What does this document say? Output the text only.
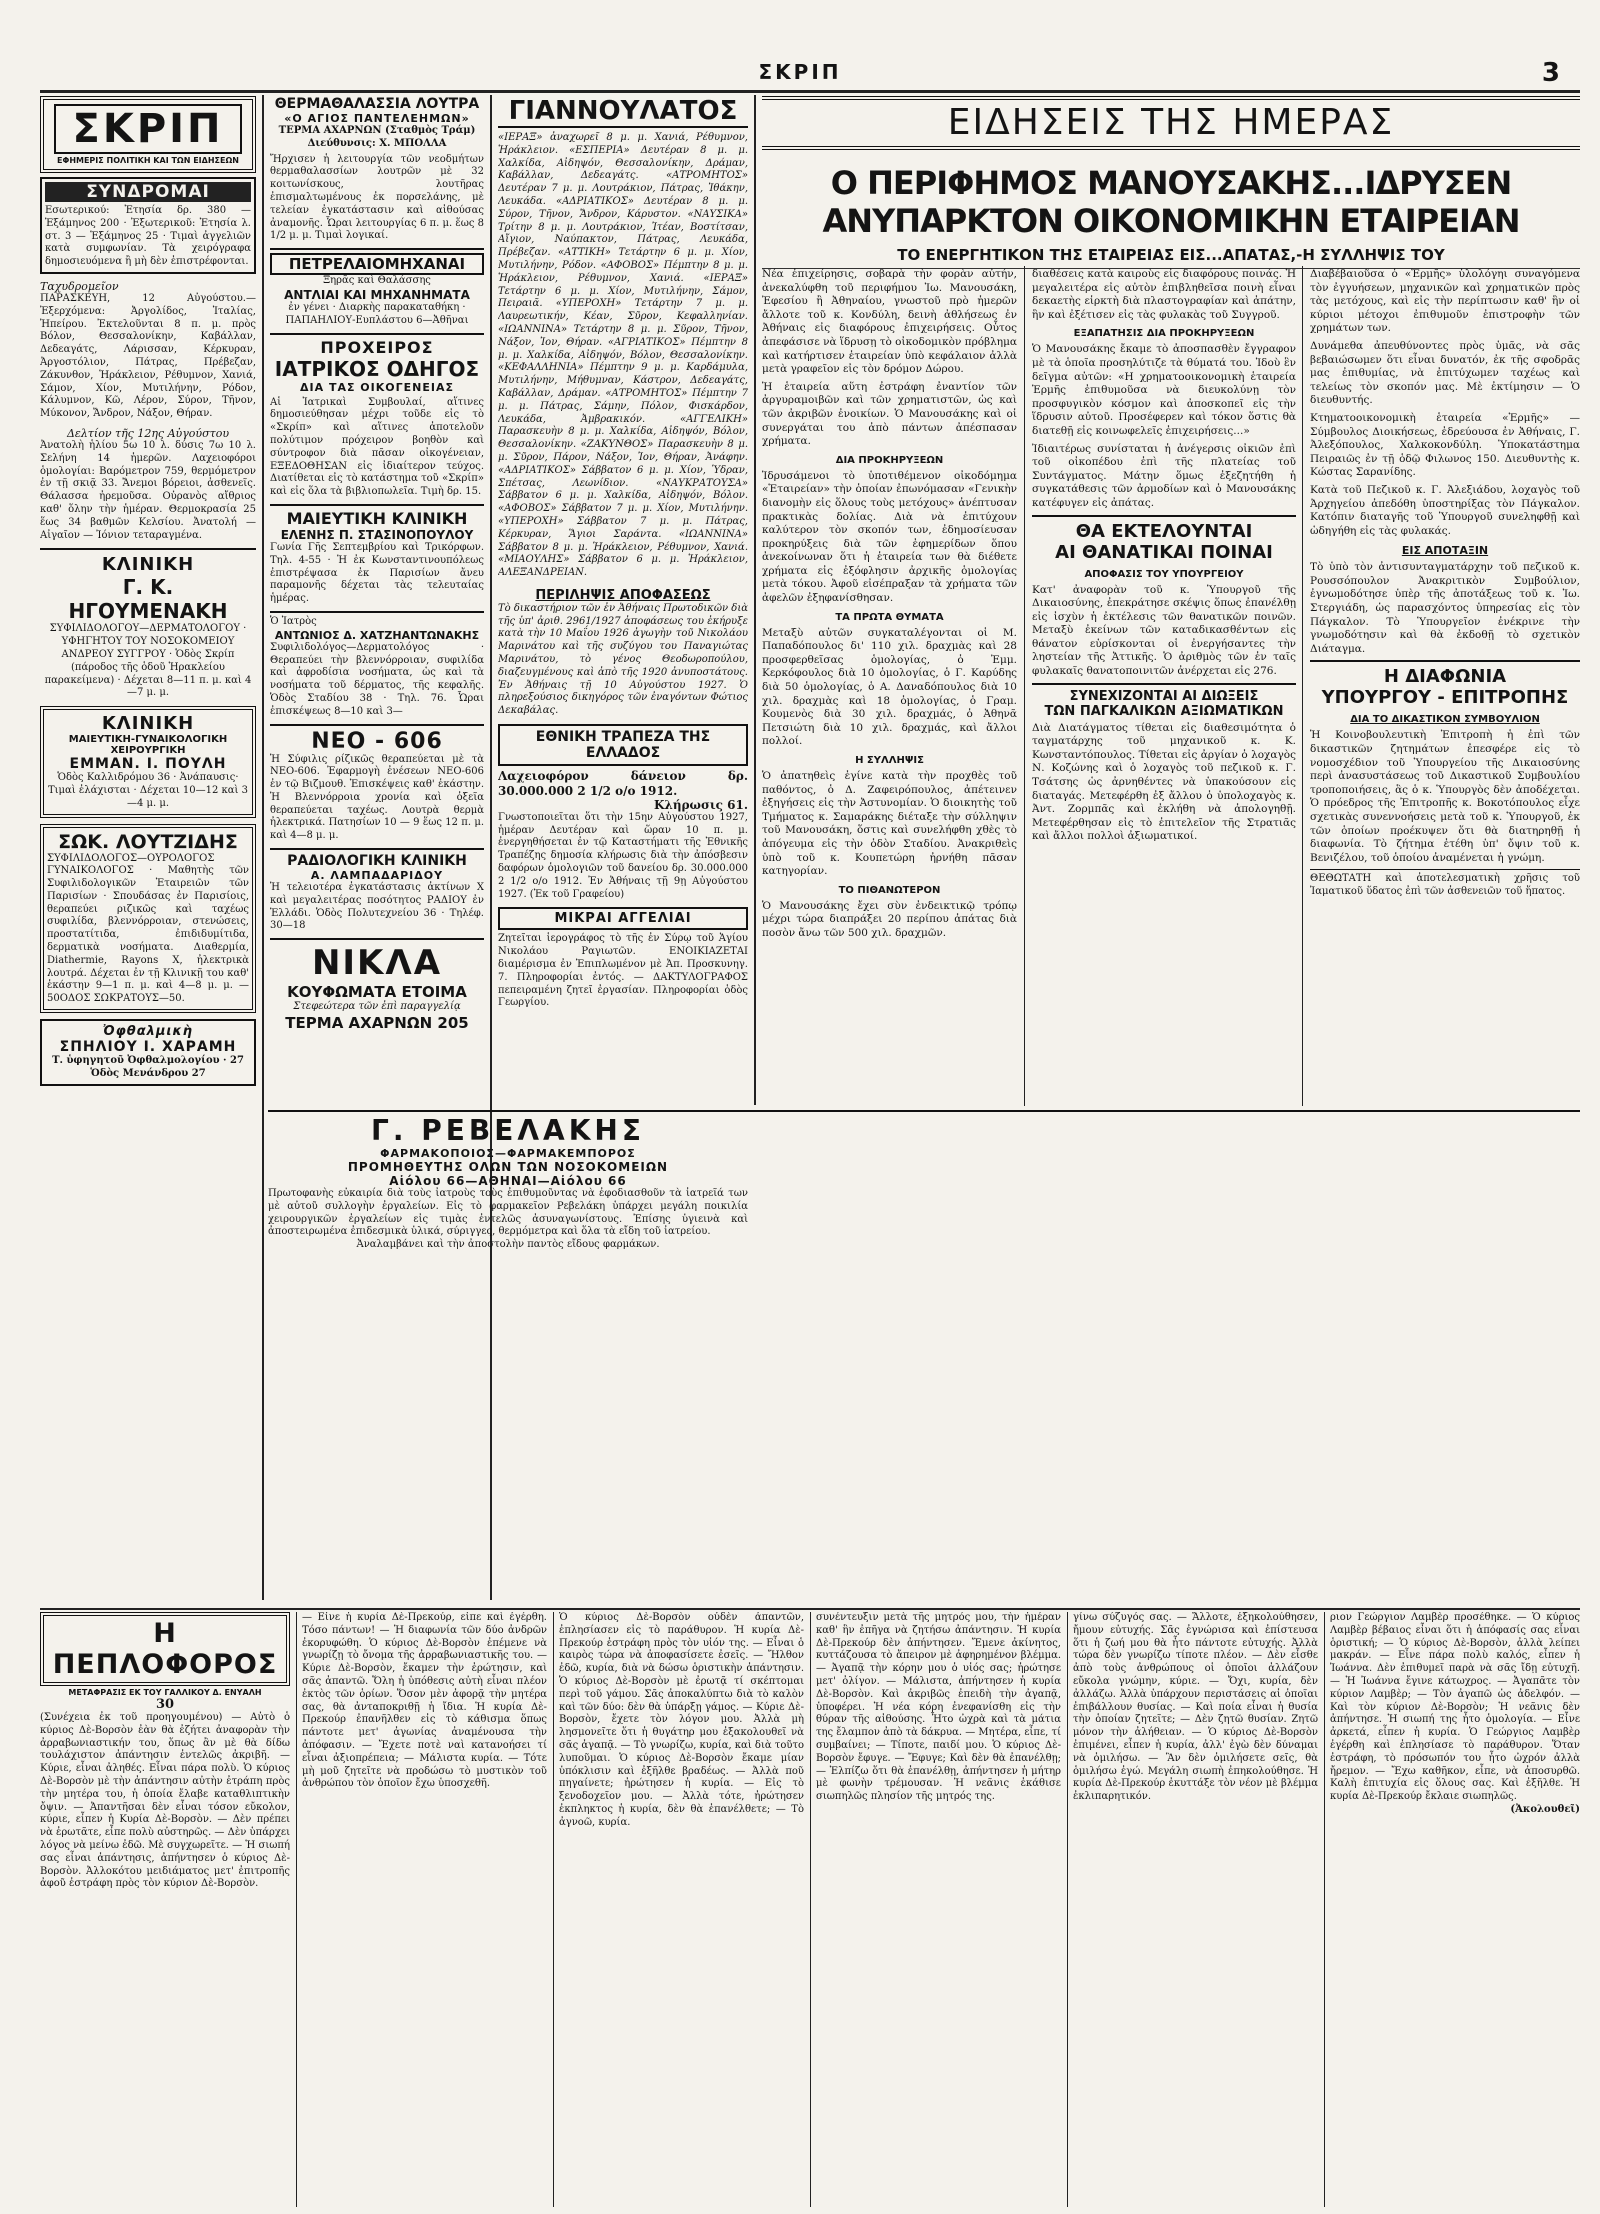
ΣΚΡΙΠ	3
ΣΚΡΙΠ
ΕΦΗΜΕΡΙΣ ΠΟΛΙΤΙΚΗ ΚΑΙ ΤΩΝ ΕΙΔΗΣΕΩΝ
ΣΥΝΔΡΟΜΑΙ
Εσωτερικού: Ἐτησία δρ. 380 — Ἑξάμηνος 200 · Ἐξωτερικοῦ: Ἐτησία λ. στ. 3 — Ἑξάμηνος 25 · Τιμαὶ ἀγγελιῶν κατὰ συμφωνίαν. Τὰ χειρόγραφα δημοσιευόμενα ἢ μὴ δὲν ἐπιστρέφονται.
Ταχυδρομεῖον
ΠΑΡΑΣΚΕΥΗ, 12 Αὐγούστου.— Ἐξερχόμενα: Ἀργολίδος, Ἰταλίας, Ἠπείρου. Ἐκτελοῦνται 8 π. μ. πρὸς Βόλον, Θεσσαλονίκην, Καβάλλαν, Δεδεαγάτς, Λάρισσαν, Κέρκυραν, Ἀργοστόλιον, Πάτρας, Πρέβεζαν, Ζάκυνθον, Ἡράκλειον, Ρέθυμνον, Χανιά, Σάμον, Χίον, Μυτιλήνην, Ρόδον, Κάλυμνον, Κῶ, Λέρον, Σύρον, Τῆνον, Μύκονον, Ἄνδρον, Νάξον, Θήραν.
Δελτίον τῆς 12ης Αὐγούστου
Ἀνατολὴ ἡλίου 5ω 10 λ. δύσις 7ω 10 λ. Σελήνη 14 ἡμερῶν. Λαχειοφόροι ὁμολογίαι: Βαρόμετρον 759, θερμόμετρον ἐν τῇ σκιᾷ 33. Ἄνεμοι βόρειοι, ἀσθενεῖς. Θάλασσα ἠρεμοῦσα. Οὐρανὸς αἴθριος καθ' ὅλην τὴν ἡμέραν. Θερμοκρασία 25 ἕως 34 βαθμῶν Κελσίου. Ἀνατολή — Αἰγαῖον — Ἰόνιον τεταραγμένα.
ΚΛΙΝΙΚΗ
Γ. Κ. ΗΓΟΥΜΕΝΑΚΗ
ΣΥΦΙΛΙΔΟΛΟΓΟΥ—ΔΕΡΜΑΤΟΛΟΓΟΥ · ΥΦΗΓΗΤΟΥ ΤΟΥ ΝΟΣΟΚΟΜΕΙΟΥ ΑΝΔΡΕΟΥ ΣΥΓΓΡΟΥ · Ὁδὸς Σκρίπ (πάροδος τῆς ὁδοῦ Ἡρακλείου παρακείμενα) · Δέχεται 8—11 π. μ. καὶ 4—7 μ. μ.
ΚΛΙΝΙΚΗ
ΜΑΙΕΥΤΙΚΗ-ΓΥΝΑΙΚΟΛΟΓΙΚΗ ΧΕΙΡΟΥΡΓΙΚΗ
ΕΜΜΑΝ. Ι. ΠΟΥΛΗ
Ὁδὸς Καλλιδρόμου 36 · Ἀνάπαυσις· Τιμαὶ ἐλάχισται · Δέχεται 10—12 καὶ 3—4 μ. μ.
ΣΩΚ. ΛΟΥΤΖΙΔΗΣ
ΣΥΦΙΛΙΔΟΛΟΓΟΣ—ΟΥΡΟΛΟΓΟΣ ΓΥΝΑΙΚΟΛΟΓΟΣ · Μαθητὴς τῶν Συφιλιδολογικῶν Ἐταιρειῶν τῶν Παρισίων · Σπουδάσας ἐν Παρισίοις, θεραπεύει ριζικῶς καὶ ταχέως συφιλίδα, βλεννόρροιαν, στενώσεις, προστατίτιδα, ἐπιδιδυμίτιδα, δερματικὰ νοσήματα. Διαθερμία, Diathermie, Rayons X, ἠλεκτρικὰ λουτρά. Δέχεται ἐν τῇ Κλινικῇ του καθ' ἑκάστην 9—1 π. μ. καὶ 4—8 μ. μ. — 50ΟΔΟΣ ΣΩΚΡΑΤΟΥΣ—50.
Ὀφθαλμικὴ
ΣΠΗΛΙΟΥ Ι. ΧΑΡΑΜΗ
Τ. ὑφηγητοῦ Ὀφθαλμολογίου · 27 Ὁδὸς Μενάνδρου 27
ΘΕΡΜΑΘΑΛΑΣΣΙΑ ΛΟΥΤΡΑ
«Ο ΑΓΙΟΣ ΠΑΝΤΕΛΕΗΜΩΝ»
ΤΕΡΜΑ ΑΧΑΡΝΩΝ (Σταθμὸς Τράμ) Διεύθυνσις: Χ. ΜΠΟΛΛΑ
Ἤρχισεν ἡ λειτουργία τῶν νεοδμήτων θερμαθαλασσίων λουτρῶν μὲ 32 κοιτωνίσκους, λουτῆρας ἐπισμαλτωμένους ἐκ πορσελάνης, μὲ τελείαν ἐγκατάστασιν καὶ αἰθούσας ἀναμονῆς. Ὧραι λειτουργίας 6 π. μ. ἕως 8 1/2 μ. μ. Τιμαὶ λογικαί.
ΠΕΤΡΕΛΑΙΟΜΗΧΑΝΑΙ
Ξηρᾶς καὶ Θαλάσσης
ΑΝΤΛΙΑΙ ΚΑΙ ΜΗΧΑΝΗΜΑΤΑ
ἐν γένει · Διαρκὴς παρακαταθήκη · ΠΑΠΑΗΛΙΟΥ-Ευπλάστου 6—Ἀθῆναι
ΠΡΟΧΕΙΡΟΣ
ΙΑΤΡΙΚΟΣ ΟΔΗΓΟΣ
ΔΙΑ ΤΑΣ ΟΙΚΟΓΕΝΕΙΑΣ
Αἱ Ἰατρικαὶ Συμβουλαί, αἵτινες δημοσιεύθησαν μέχρι τοῦδε εἰς τὸ «Σκρίπ» καὶ αἵτινες ἀποτελοῦν πολύτιμον πρόχειρον βοηθὸν καὶ σύντροφον διὰ πᾶσαν οἰκογένειαν, ΕΞΕΔΟΘΗΣΑΝ εἰς ἰδιαίτερον τεύχος. Διατίθεται εἰς τὸ κατάστημα τοῦ «Σκρίπ» καὶ εἰς ὅλα τὰ βιβλιοπωλεῖα. Τιμὴ δρ. 15.
ΜΑΙΕΥΤΙΚΗ ΚΛΙΝΙΚΗ
ΕΛΕΝΗΣ Π. ΣΤΑΣΙΝΟΠΟΥΛΟΥ
Γωνία Γῆς Σεπτεμβρίου καὶ Τρικόρφων. Τηλ. 4-55 · Ἡ ἐκ Κωνσταντινουπόλεως ἐπιστρέψασα ἐκ Παρισίων ἄνευ παραμονῆς δέχεται τὰς τελευταίας ἡμέρας.
Ὁ Ἰατρὸς
ΑΝΤΩΝΙΟΣ Δ. ΧΑΤΖΗΑΝΤΩΝΑΚΗΣ
Συφιλιδολόγος—Δερματολόγος · Θεραπεύει τὴν βλεννόρροιαν, συφιλίδα καὶ ἀφροδίσια νοσήματα, ὡς καὶ τὰ νοσήματα τοῦ δέρματος, τῆς κεφαλῆς. Ὁδὸς Σταδίου 38 · Τηλ. 76. Ὧραι ἐπισκέψεως 8—10 καὶ 3—
ΝΕΟ - 606
Ἡ Σύφιλις ρίζικῶς θεραπεύεται μὲ τὰ ΝΕΟ-606. Ἐφαρμογὴ ἐνέσεων ΝΕΟ-606 ἐν τῷ Βιζμουθ. Ἐπισκέψεις καθ' ἑκάστην. Ἡ Βλεννόρροια χρονία καὶ ὀξεῖα θεραπεύεται ταχέως. Λουτρὰ θερμὰ ἠλεκτρικά. Πατησίων 10 — 9 ἕως 12 π. μ. καὶ 4—8 μ. μ.
ΡΑΔΙΟΛΟΓΙΚΗ ΚΛΙΝΙΚΗ
Α. ΛΑΜΠΑΔΑΡΙΔΟΥ
Ἡ τελειοτέρα ἐγκατάστασις ἀκτίνων Χ καὶ μεγαλειτέρας ποσότητος ΡΑΔΙΟΥ ἐν Ἑλλάδι. Ὁδὸς Πολυτεχνείου 36 · Τηλέφ. 30—18
ΝΙΚΛΑ
ΚΟΥΦΩΜΑΤΑ ΕΤΟΙΜΑ
Στεφεώτερα τῶν ἐπὶ παραγγελίᾳ
ΤΕΡΜΑ ΑΧΑΡΝΩΝ 205
ΓΙΑΝΝΟΥΛΑΤΟΣ
«ΙΕΡΑΞ» ἀναχωρεῖ 8 μ. μ. Χανιά, Ρέθυμνον, Ἡράκλειον. «ΕΣΠΕΡΙΑ» Δευτέραν 8 μ. μ. Χαλκίδα, Αἰδηψόν, Θεσσαλονίκην, Δράμαν, Καβάλλαν, Δεδεαγάτς. «ΑΤΡΟΜΗΤΟΣ» Δευτέραν 7 μ. μ. Λουτράκιον, Πάτρας, Ἰθάκην, Λευκάδα. «ΑΔΡΙΑΤΙΚΟΣ» Δευτέραν 8 μ. μ. Σύρον, Τῆνον, Ἄνδρον, Κάρυστον. «ΝΑΥΣΙΚΑ» Τρίτην 8 μ. μ. Λουτράκιον, Ἰτέαν, Βοστίτσαν, Αἴγιον, Ναύπακτον, Πάτρας, Λευκάδα, Πρέβεζαν. «ΑΤΤΙΚΗ» Τετάρτην 6 μ. μ. Χίον, Μυτιλήνην, Ρόδον. «ΑΦΟΒΟΣ» Πέμπτην 8 μ. μ. Ἡράκλειον, Ρέθυμνον, Χανιά. «ΙΕΡΑΞ» Τετάρτην 6 μ. μ. Χίον, Μυτιλήνην, Σάμον, Πειραιᾶ. «ΥΠΕΡΟΧΗ» Τετάρτην 7 μ. μ. Λαυρεωτικήν, Κέαν, Σῦρον, Κεφαλληνίαν. «ΙΩΑΝΝΙΝΑ» Τετάρτην 8 μ. μ. Σῦρον, Τῆνον, Νάξον, Ἰον, Θήραν. «ΑΓΡΙΑΤΙΚΟΣ» Πέμπτην 8 μ. μ. Χαλκίδα, Αἰδηψόν, Βόλον, Θεσσαλονίκην. «ΚΕΦΑΛΛΗΝΙΑ» Πέμπτην 9 μ. μ. Καρδάμυλα, Μυτιλήνην, Μήθυμναν, Κάστρον, Δεδεαγάτς, Καβάλλαν, Δράμαν. «ΑΤΡΟΜΗΤΟΣ» Πέμπτην 7 μ. μ. Πάτρας, Σάμην, Πόλον, Φισκάρδον, Λευκάδα, Ἀμβρακικόν. «ΑΓΓΕΛΙΚΗ» Παρασκευὴν 8 μ. μ. Χαλκίδα, Αἰδηψόν, Βόλον, Θεσσαλονίκην. «ΖΑΚΥΝΘΟΣ» Παρασκευὴν 8 μ. μ. Σῦρον, Πάρον, Νάξον, Ἰον, Θήραν, Ἀνάφην. «ΑΔΡΙΑΤΙΚΟΣ» Σάββατον 6 μ. μ. Χίον, Ὑδραν, Σπέτσας, Λεωνίδιον. «ΝΑΥΚΡΑΤΟΥΣΑ» Σάββατον 6 μ. μ. Χαλκίδα, Αἰδηψόν, Βόλον. «ΑΦΟΒΟΣ» Σάββατον 7 μ. μ. Χίον, Μυτιλήνην. «ΥΠΕΡΟΧΗ» Σάββατον 7 μ. μ. Πάτρας, Κέρκυραν, Ἅγιοι Σαράντα. «ΙΩΑΝΝΙΝΑ» Σάββατον 8 μ. μ. Ἡράκλειον, Ρέθυμνον, Χανιά. «ΜΙΑΟΥΛΗΣ» Σάββατον 6 μ. μ. Ἡράκλειον, ΑΛΕΞΑΝΔΡΕΙΑΝ.
ΠΕΡΙΛΗΨΙΣ ΑΠΟΦΑΣΕΩΣ
Τὸ δικαστήριον τῶν ἐν Ἀθήναις Πρωτοδικῶν διὰ τῆς ὑπ' ἀριθ. 2961/1927 ἀποφάσεως του ἐκήρυξε κατὰ τὴν 10 Μαΐου 1926 ἀγωγὴν τοῦ Νικολάου Μαρινάτου καὶ τῆς συζύγου του Παναγιώτας Μαρινάτου, τὸ γένος Θεοδωροπούλου, διαζευγμένους καὶ ἀπὸ τῆς 1920 ἀνυποστάτους. Ἐν Ἀθήναις τῇ 10 Αὐγούστου 1927. Ὁ πληρεξούσιος δικηγόρος τῶν ἐναγόντων Φώτιος Δεκαβάλας.
ΕΘΝΙΚΗ ΤΡΑΠΕΖΑ ΤΗΣ ΕΛΛΑΔΟΣ
Λαχειοφόρον δάνειον δρ. 30.000.000 2 1/2 ο/ο 1912.
Κλήρωσις 61.
Γνωστοποιεῖται ὅτι τὴν 15ην Αὐγούστου 1927, ἡμέραν Δευτέραν καὶ ὥραν 10 π. μ. ἐνεργηθήσεται ἐν τῷ Καταστήματι τῆς Ἐθνικῆς Τραπέζης δημοσία κλήρωσις διὰ τὴν ἀπόσβεσιν δαφόρων ὁμολογιῶν τοῦ δανείου δρ. 30.000.000 2 1/2 ο/ο 1912. Ἐν Ἀθήναις τῇ 9ῃ Αὐγούστου 1927. (Ἐκ τοῦ Γραφείου)
ΜΙΚΡΑΙ ΑΓΓΕΛΙΑΙ
Ζητεῖται ἱερογράφος τὸ τῆς ἐν Σύρῳ τοῦ Ἁγίου Νικολάου Ραγιωτῶν. ΕΝΟΙΚΙΑΖΕΤΑΙ διαμέρισμα ἐν Ἐπιπλωμένον μὲ Ἀπ. Προσκυνηγ. 7. Πληροφορίαι ἐντός. — ΔΑΚΤΥΛΟΓΡΑΦΟΣ πεπειραμένη ζητεῖ ἐργασίαν. Πληροφορίαι ὁδὸς Γεωργίου.
ΕΙΔΗΣΕΙΣ ΤΗΣ ΗΜΕΡΑΣ
Ο ΠΕΡΙΦΗΜΟΣ ΜΑΝΟΥΣΑΚΗΣ...ΙΔΡΥΣΕΝ
ΑΝΥΠΑΡΚΤΟΝ ΟΙΚΟΝΟΜΙΚΗΝ ΕΤΑΙΡΕΙΑΝ
ΤΟ ΕΝΕΡΓΗΤΙΚΟΝ ΤΗΣ ΕΤΑΙΡΕΙΑΣ ΕΙΣ...ΑΠΑΤΑΣ,-Η ΣΥΛΛΗΨΙΣ ΤΟΥ

Νέα ἐπιχείρησις, σοβαρὰ τὴν φορὰν αὐτήν, ἀνεκαλύφθη τοῦ περιφήμου Ἰω. Μανουσάκη, Ἐφεσίου ἢ Ἀθηναίου, γνωστοῦ πρὸ ἡμερῶν ἄλλοτε τοῦ κ. Κονδύλη, δεινὴ ἀθλήσεως ἐν Ἀθήναις εἰς διαφόρους ἐπιχειρήσεις. Οὗτος ἀπεφάσισε νὰ ἵδρυσῃ τὸ οἰκοδομικὸν πρόβλημα καὶ κατήρτισεν ἑταιρείαν ὑπὸ κεφάλαιον ἀλλὰ μετὰ γραφεῖον εἰς τὸν δρόμον Δώρου.

Ἡ ἑταιρεία αὕτη ἐστράφη ἐναντίον τῶν ἀργυραμοιβῶν καὶ τῶν χρηματιστῶν, ὡς καὶ τῶν ἀκριβῶν ἐνοικίων. Ὁ Μανουσάκης καὶ οἱ συνεργάται του ἀπὸ πάντων ἀπέσπασαν χρήματα.

ΔΙΑ ΠΡΟΚΗΡΥΞΕΩΝ

Ἱδρυσάμενοι τὸ ὑποτιθέμενον οἰκοδόμημα «Ἑταιρείαν» τὴν ὁποίαν ἐπωνόμασαν «Γενικὴν διανομὴν εἰς ὅλους τοὺς μετόχους» ἀνέπτυσαν πρακτικὰς δολίας. Διὰ νὰ ἐπιτύχουν καλύτερον τὸν σκοπόν των, ἐδημοσίευσαν προκηρύξεις διὰ τῶν ἐφημερίδων ὅπου ἀνεκοίνωναν ὅτι ἡ ἑταιρεία των θὰ διέθετε χρήματα εἰς ἐξόφλησιν ἀρχικῆς ὁμολογίας μετὰ τόκου. Ἀφοῦ εἰσέπραξαν τὰ χρήματα τῶν ἀφελῶν ἐξηφανίσθησαν.

ΤΑ ΠΡΩΤΑ ΘΥΜΑΤΑ

Μεταξὺ αὐτῶν συγκαταλέγονται οἱ Μ. Παπαδόπουλος δι' 110 χιλ. δραχμὰς καὶ 28 προσφερθεῖσας ὁμολογίας, ὁ Ἐμμ. Κερκόφουλος διὰ 10 ὁμολογίας, ὁ Γ. Καρύδης διὰ 50 ὁμολογίας, ὁ Α. Δαναδόπουλος διὰ 10 χιλ. δραχμὰς καὶ 18 ὁμολογίας, ὁ Γραμ. Κουμενὸς διὰ 30 χιλ. δραχμάς, ὁ Ἀθηνᾶ Πετσιώτη διὰ 10 χιλ. δραχμάς, καὶ ἄλλοι πολλοί.

Η ΣΥΛΛΗΨΙΣ

Ὁ ἀπατηθεὶς ἐγίνε κατὰ τὴν προχθὲς τοῦ παθόντος, ὁ Δ. Ζαφειρόπουλος, ἀπέτεινεν ἐξηγήσεις εἰς τὴν Ἀστυνομίαν. Ὁ διοικητὴς τοῦ Τμήματος κ. Σαμαράκης διέταξε τὴν σύλληψιν τοῦ Μανουσάκη, ὅστις καὶ συνελήφθη χθὲς τὸ ἀπόγευμα εἰς τὴν ὁδὸν Σταδίου. Ἀνακριθεὶς ὑπὸ τοῦ κ. Κουπετώρη ἠρνήθη πᾶσαν κατηγορίαν.

ΤΟ ΠΙΘΑΝΩΤΕΡΟΝ

Ὁ Μανουσάκης ἔχει σὺν ἐνδεικτικῷ τρόπῳ μέχρι τώρα διαπράξει 20 περίπου ἀπάτας διὰ ποσὸν ἄνω τῶν 500 χιλ. δραχμῶν.

διαθέσεις κατὰ καιροὺς εἰς διαφόρους ποινάς. Ἡ μεγαλειτέρα εἰς αὐτὸν ἐπιβληθεῖσα ποινὴ εἶναι δεκαετὴς εἱρκτὴ διὰ πλαστογραφίαν καὶ ἀπάτην, ἣν καὶ ἐξέτισεν εἰς τὰς φυλακὰς τοῦ Συγγροῦ.

ΕΞΑΠΑΤΗΣΙΣ ΔΙΑ ΠΡΟΚΗΡΥΞΕΩΝ

Ὁ Μανουσάκης ἔκαμε τὸ ἀποσπασθὲν ἔγγραφον μὲ τὰ ὁποῖα προσηλύτιζε τὰ θύματά του. Ἰδοὺ ἓν δεῖγμα αὐτῶν: «Η χρηματοοικονομικὴ ἑταιρεία Ἑρμῆς ἐπιθυμοῦσα νὰ διευκολύνῃ τὸν προσφυγικὸν κόσμον καὶ ἀποσκοπεῖ εἰς τὴν ἵδρυσιν αὐτοῦ. Προσέφερεν καὶ τόκον ὅστις θὰ διατεθῇ εἰς κοινωφελεῖς ἐπιχειρήσεις...»

Ἰδιαιτέρως συνίσταται ἡ ἀνέγερσις οἰκιῶν ἐπὶ τοῦ οἰκοπέδου ἐπὶ τῆς πλατείας τοῦ Συντάγματος. Μάτην ὅμως ἐξεζητήθη ἡ συγκατάθεσις τῶν ἀρμοδίων καὶ ὁ Μανουσάκης κατέφυγεν εἰς ἀπάτας.

ΘΑ ΕΚΤΕΛΟΥΝΤΑΙ
ΑΙ ΘΑΝΑΤΙΚΑΙ ΠΟΙΝΑΙ
ΑΠΟΦΑΣΙΣ ΤΟΥ ΥΠΟΥΡΓΕΙΟΥ

Κατ' ἀναφορὰν τοῦ κ. Ὑπουργοῦ τῆς Δικαιοσύνης, ἐπεκράτησε σκέψις ὅπως ἐπανέλθῃ εἰς ἰσχὺν ἡ ἐκτέλεσις τῶν θανατικῶν ποινῶν. Μεταξὺ ἐκείνων τῶν καταδικασθέντων εἰς θάνατον εὑρίσκονται οἱ ἐνεργήσαντες τὴν ληστείαν τῆς Ἀττικῆς. Ὁ ἀριθμὸς τῶν ἐν ταῖς φυλακαῖς θανατοποινιτῶν ἀνέρχεται εἰς 276.

ΣΥΝΕΧΙΖΟΝΤΑΙ ΑΙ ΔΙΩΞΕΙΣ
ΤΩΝ ΠΑΓΚΑΛΙΚΩΝ ΑΞΙΩΜΑΤΙΚΩΝ

Διὰ Διατάγματος τίθεται εἰς διαθεσιμότητα ὁ ταγματάρχης τοῦ μηχανικοῦ κ. Κ. Κωνσταντόπουλος. Τίθεται εἰς ἀργίαν ὁ λοχαγὸς Ν. Κοζώνης καὶ ὁ λοχαγὸς τοῦ πεζικοῦ κ. Γ. Τσάτσης ὡς ἀρνηθέντες νὰ ὑπακούσουν εἰς διαταγάς. Μετεφέρθη ἐξ ἄλλου ὁ ὑπολοχαγὸς κ. Ἀντ. Ζορμπᾶς καὶ ἐκλήθη νὰ ἀπολογηθῇ. Μετεφέρθησαν εἰς τὸ ἐπιτελεῖον τῆς Στρατιᾶς καὶ ἄλλοι πολλοὶ ἀξιωματικοί.

Διαβέβαιοῦσα ὁ «Ἑρμῆς» ὑλολόγηι συναγόμενα τὸν ἐγγυήσεων, μηχανικῶν καὶ χρηματικῶν πρὸς τὰς μετόχους, καὶ εἰς τὴν περίπτωσιν καθ' ἣν οἱ κύριοι μέτοχοι ἐπιθυμοῦν ἐπιστροφὴν τῶν χρημάτων των.

Δυνάμεθα ἀπευθύνοντες πρὸς ὑμᾶς, νὰ σᾶς βεβαιώσωμεν ὅτι εἶναι δυνατόν, ἐκ τῆς σφοδρᾶς μας ἐπιθυμίας, νὰ ἐπιτύχωμεν ταχέως καὶ τελείως τὸν σκοπόν μας. Μὲ ἐκτίμησιν — Ὁ διευθυντής.

Κτηματοοικονομικὴ ἑταιρεία «Ἑρμῆς» — Σύμβουλος Διοικήσεως, ἐδρεύουσα ἐν Ἀθήναις, Γ. Ἀλεξόπουλος, Χαλκοκονδύλη. Ὑποκατάστημα Πειραιῶς ἐν τῇ ὁδῷ Φιλωνος 150. Διευθυντὴς κ. Κώστας Σαρανίδης.

Κατὰ τοῦ Πεζικοῦ κ. Γ. Ἀλεξιάδου, λοχαγὸς τοῦ Ἀρχηγείου ἀπεδόθη ὑποστηρίξας τὸν Πάγκαλον. Κατόπιν διαταγῆς τοῦ Ὑπουργοῦ συνεληφθῇ καὶ ὡδηγήθη εἰς τὰς φυλακάς.

ΕΙΣ ΑΠΟΤΑΞΙΝ

Τὸ ὑπὸ τὸν ἀντισυνταγματάρχην τοῦ πεζικοῦ κ. Ρουσσόπουλον Ἀνακριτικὸν Συμβούλιον, ἐγνωμοδότησε ὑπὲρ τῆς ἀποτάξεως τοῦ κ. Ἰω. Στεργιάδη, ὡς παρασχόντος ὑπηρεσίας εἰς τὸν Πάγκαλον. Τὸ Ὑπουργεῖον ἐνέκρινε τὴν γνωμοδότησιν καὶ θὰ ἐκδοθῇ τὸ σχετικὸν Διάταγμα.

Η ΔΙΑΦΩΝΙΑ
ΥΠΟΥΡΓΟΥ - ΕΠΙΤΡΟΠΗΣ
ΔΙΑ ΤΟ ΔΙΚΑΣΤΙΚΟΝ ΣΥΜΒΟΥΛΙΟΝ

Ἡ Κοινοβουλευτικὴ Ἐπιτροπὴ ἡ ἐπὶ τῶν δικαστικῶν ζητημάτων ἐπεσφέρε εἰς τὸ νομοσχέδιον τοῦ Ὑπουργείου τῆς Δικαιοσύνης περὶ ἀνασυστάσεως τοῦ Δικαστικοῦ Συμβουλίου τροποποιήσεις, ἃς ὁ κ. Ὑπουργὸς δὲν ἀποδέχεται. Ὁ πρόεδρος τῆς Ἐπιτροπῆς κ. Βοκοτόπουλος εἶχε σχετικὰς συνεννοήσεις μετὰ τοῦ κ. Ὑπουργοῦ, ἐκ τῶν ὁποίων προέκυψεν ὅτι θὰ διατηρηθῇ ἡ διαφωνία. Τὸ ζήτημα ἐτέθη ὑπ' ὄψιν τοῦ κ. Βενιζέλου, τοῦ ὁποίου ἀναμένεται ἡ γνώμη.

ΘΕΘΩΤΑΤΗ καὶ ἀποτελεσματικὴ χρῆσις τοῦ Ἰαματικοῦ ὕδατος ἐπὶ τῶν ἀσθενειῶν τοῦ ἥπατος.

Γ. ΡΕΒΕΛΑΚΗΣ
ΦΑΡΜΑΚΟΠΟΙΟΣ—ΦΑΡΜΑΚΕΜΠΟΡΟΣ
ΠΡΟΜΗΘΕΥΤΗΣ ΟΛΩΝ ΤΩΝ ΝΟΣΟΚΟΜΕΙΩΝ
Αἰόλου 66—ΑΘΗΝΑΙ—Αἰόλου 66
Πρωτοφανὴς εὐκαιρία διὰ τοὺς ἰατροὺς τοὺς ἐπιθυμοῦντας νὰ ἐφοδιασθοῦν τὰ ἰατρεῖά των μὲ αὐτοῦ συλλογὴν ἐργαλείων. Εἰς τὸ φαρμακεῖον Ρεβελάκη ὑπάρχει μεγάλη ποικιλία χειρουργικῶν ἐργαλείων εἰς τιμὰς ἐντελῶς ἀσυναγωνίστους. Ἐπίσης ὑγιεινὰ καὶ ἀποστειρωμένα ἐπιδεσμικὰ ὑλικά, σύριγγες, θερμόμετρα καὶ ὅλα τὰ εἴδη τοῦ ἰατρείου.
Ἀναλαμβάνει καὶ τὴν ἀποστολὴν παντὸς εἴδους φαρμάκων.
Η ΠΕΠΛΟΦΟΡΟΣ
ΜΕΤΑΦΡΑΣΙΣ ΕΚ ΤΟΥ ΓΑΛΛΙΚΟΥ Δ. ΕΝΥΑΛΗ
30
(Συνέχεια ἐκ τοῦ προηγουμένου) — Αὐτὸ ὁ κύριος Δὲ-Βορσὸν ἐὰν θὰ ἐζήτει ἀναφορὰν τὴν ἀρραβωνιαστικήν του, ὅπως ἂν μὲ θὰ δίδω τουλάχιστον ἀπάντησιν ἐντελῶς ἀκριβῆ. — Κύριε, εἶναι ἀληθές. Εἶναι πάρα πολὺ. Ὁ κύριος Δὲ-Βορσὸν μὲ τὴν ἀπάντησιν αὐτὴν ἐτράπη πρὸς τὴν μητέρα του, ἡ ὁποία ἔλαβε καταθλιπτικὴν ὄψιν. — Ἀπαντῆσαι δὲν εἶναι τόσον εὔκολον, κύριε, εἶπεν ἡ Κυρία Δὲ-Βορσὸν. — Δὲν πρέπει νὰ ἐρωτᾶτε, εἶπε πολὺ αὐστηρῶς. — Δὲν ὑπάρχει λόγος νὰ μείνω ἐδῶ. Μὲ συγχωρεῖτε. — Ἡ σιωπή σας εἶναι ἀπάντησις, ἀπήντησεν ὁ κύριος Δὲ-Βορσὸν. Ἀλλοκότου μειδιάματος μετ' ἐπιτροπῆς ἀφοῦ ἐστράφη πρὸς τὸν κύριον Δὲ-Βορσὸν.
— Εἶνε ἡ κυρία Δὲ-Πρεκούρ, εἶπε καὶ ἐγέρθη. Τόσο πάντων! — Ἡ διαφωνία τῶν δύο ἀνδρῶν ἐκορυφώθη. Ὁ κύριος Δὲ-Βορσὸν ἐπέμενε νὰ γνωρίζῃ τὸ ὄνομα τῆς ἀρραβωνιαστικῆς του. — Κύριε Δὲ-Βορσὸν, ἔκαμεν τὴν ἐρώτησιν, καὶ σᾶς ἀπαντῶ. Ὅλη ἡ ὑπόθεσις αὐτὴ εἶναι πλέον ἐκτὸς τῶν ὁρίων. Ὅσον μὲν ἀφορᾷ τὴν μητέρα σας, θὰ ἀνταποκριθῇ ἡ ἴδια. Ἡ κυρία Δὲ-Πρεκούρ ἐπανῆλθεν εἰς τὸ κάθισμα ὅπως πάντοτε μετ' ἀγωνίας ἀναμένουσα τὴν ἀπόφασιν. — Ἔχετε ποτὲ ναὶ κατανοήσει τί εἶναι ἀξιοπρέπεια; — Μάλιστα κυρία. — Τότε μὴ μοῦ ζητεῖτε νὰ προδώσω τὸ μυστικὸν τοῦ ἀνθρώπου τὸν ὁποῖον ἔχω ὑποσχεθῆ.
Ὁ κύριος Δὲ-Βορσὸν οὐδὲν ἀπαντῶν, ἐπλησίασεν εἰς τὸ παράθυρον. Ἡ κυρία Δὲ-Πρεκούρ ἐστράφη πρὸς τὸν υἱόν της. — Εἶναι ὁ καιρὸς τώρα νὰ ἀποφασίσετε ἐσεῖς. — Ἤλθον ἐδῶ, κυρία, διὰ νὰ δώσω ὁριστικὴν ἀπάντησιν. Ὁ κύριος Δὲ-Βορσὸν μὲ ἐρωτᾷ τί σκέπτομαι περὶ τοῦ γάμου. Σᾶς ἀποκαλύπτω διὰ τὸ καλὸν καὶ τῶν δύο: δὲν θὰ ὑπάρξῃ γάμος. — Κύριε Δὲ-Βορσὸν, ἔχετε τὸν λόγον μου. Ἀλλὰ μὴ λησμονεῖτε ὅτι ἡ θυγάτηρ μου ἐξακολουθεῖ νὰ σᾶς ἀγαπᾷ. — Τὸ γνωρίζω, κυρία, καὶ διὰ τοῦτο λυποῦμαι. Ὁ κύριος Δὲ-Βορσὸν ἔκαμε μίαν ὑπόκλισιν καὶ ἐξῆλθε βραδέως. — Ἀλλὰ ποῦ πηγαίνετε; ἠρώτησεν ἡ κυρία. — Εἰς τὸ ξενοδοχεῖον μου. — Ἀλλὰ τότε, ἠρώτησεν ἐκπληκτος ἡ κυρία, δὲν θὰ ἐπανέλθετε; — Τὸ ἀγνοῶ, κυρία.
συνέντευξιν μετὰ τῆς μητρός μου, τὴν ἡμέραν καθ' ἣν ἐπῆγα νὰ ζητήσω ἀπάντησιν. Ἡ κυρία Δὲ-Πρεκούρ δὲν ἀπήντησεν. Ἔμενε ἀκίνητος, κυττάζουσα τὸ ἄπειρον μὲ ἀφηρημένον βλέμμα. — Ἀγαπᾷ τὴν κόρην μου ὁ υἱός σας; ἠρώτησε μετ' ὀλίγον. — Μάλιστα, ἀπήντησεν ἡ κυρία Δὲ-Βορσὸν. Καὶ ἀκριβῶς ἐπειδὴ τὴν ἀγαπᾷ, ὑποφέρει. Ἡ νέα κόρη ἐνεφανίσθη εἰς τὴν θύραν τῆς αἰθούσης. Ἦτο ὠχρὰ καὶ τὰ μάτια της ἔλαμπον ἀπὸ τὰ δάκρυα. — Μητέρα, εἶπε, τί συμβαίνει; — Τίποτε, παιδί μου. Ὁ κύριος Δὲ-Βορσὸν ἔφυγε. — Ἔφυγε; Καὶ δὲν θὰ ἐπανέλθῃ; — Ἐλπίζω ὅτι θὰ ἐπανέλθῃ, ἀπήντησεν ἡ μήτηρ μὲ φωνὴν τρέμουσαν. Ἡ νεᾶνις ἐκάθισε σιωπηλῶς πλησίον τῆς μητρός της.
γίνω σύζυγός σας. — Ἄλλοτε, ἐξηκολούθησεν, ἤμουν εὐτυχής. Σᾶς ἐγνώρισα καὶ ἐπίστευσα ὅτι ἡ ζωή μου θὰ ἦτο πάντοτε εὐτυχής. Ἀλλὰ τώρα δὲν γνωρίζω τίποτε πλέον. — Δὲν εἶσθε ἀπὸ τοὺς ἀνθρώπους οἱ ὁποῖοι ἀλλάζουν εὔκολα γνώμην, κύριε. — Ὄχι, κυρία, δὲν ἀλλάζω. Ἀλλὰ ὑπάρχουν περιστάσεις αἱ ὁποῖαι ἐπιβάλλουν θυσίας. — Καὶ ποία εἶναι ἡ θυσία τὴν ὁποίαν ζητεῖτε; — Δὲν ζητῶ θυσίαν. Ζητῶ μόνον τὴν ἀλήθειαν. — Ὁ κύριος Δὲ-Βορσὸν ἐπιμένει, εἶπεν ἡ κυρία, ἀλλ' ἐγὼ δὲν δύναμαι νὰ ὁμιλήσω. — Ἂν δὲν ὁμιλήσετε σεῖς, θὰ ὁμιλήσω ἐγώ. Μεγάλη σιωπὴ ἐπηκολούθησε. Ἡ κυρία Δὲ-Πρεκούρ ἐκυττάξε τὸν νέον μὲ βλέμμα ἐκλιπαρητικόν.
ριον Γεώργιον Λαμβὲρ προσέθηκε. — Ὁ κύριος Λαμβὲρ βέβαιος εἶναι ὅτι ἡ ἀπόφασίς σας εἶναι ὁριστική; — Ὁ κύριος Δὲ-Βορσὸν, ἀλλὰ λείπει μακράν. — Εἶνε πάρα πολὺ καλός, εἶπεν ἡ Ἰωάννα. Δὲν ἐπιθυμεῖ παρὰ νὰ σᾶς ἴδῃ εὐτυχῆ. — Ἡ Ἰωάννα ἔγινε κάτωχρος. — Ἀγαπᾶτε τὸν κύριον Λαμβὲρ; — Τὸν ἀγαπῶ ὡς ἀδελφόν. — Καὶ τὸν κύριον Δὲ-Βορσὸν; Ἡ νεᾶνις δὲν ἀπήντησε. Ἡ σιωπή της ἦτο ὁμολογία. — Εἶνε ἀρκετά, εἶπεν ἡ κυρία. Ὁ Γεώργιος Λαμβὲρ ἐγέρθη καὶ ἐπλησίασε τὸ παράθυρον. Ὅταν ἐστράφη, τὸ πρόσωπόν του ἦτο ὠχρόν ἀλλὰ ἤρεμον. — Ἔχω καθῆκον, εἶπε, νὰ ἀποσυρθῶ. Καλὴ ἐπιτυχία εἰς ὅλους σας. Καὶ ἐξῆλθε. Ἡ κυρία Δὲ-Πρεκούρ ἔκλαιε σιωπηλῶς.
(Ἀκολουθεῖ)
